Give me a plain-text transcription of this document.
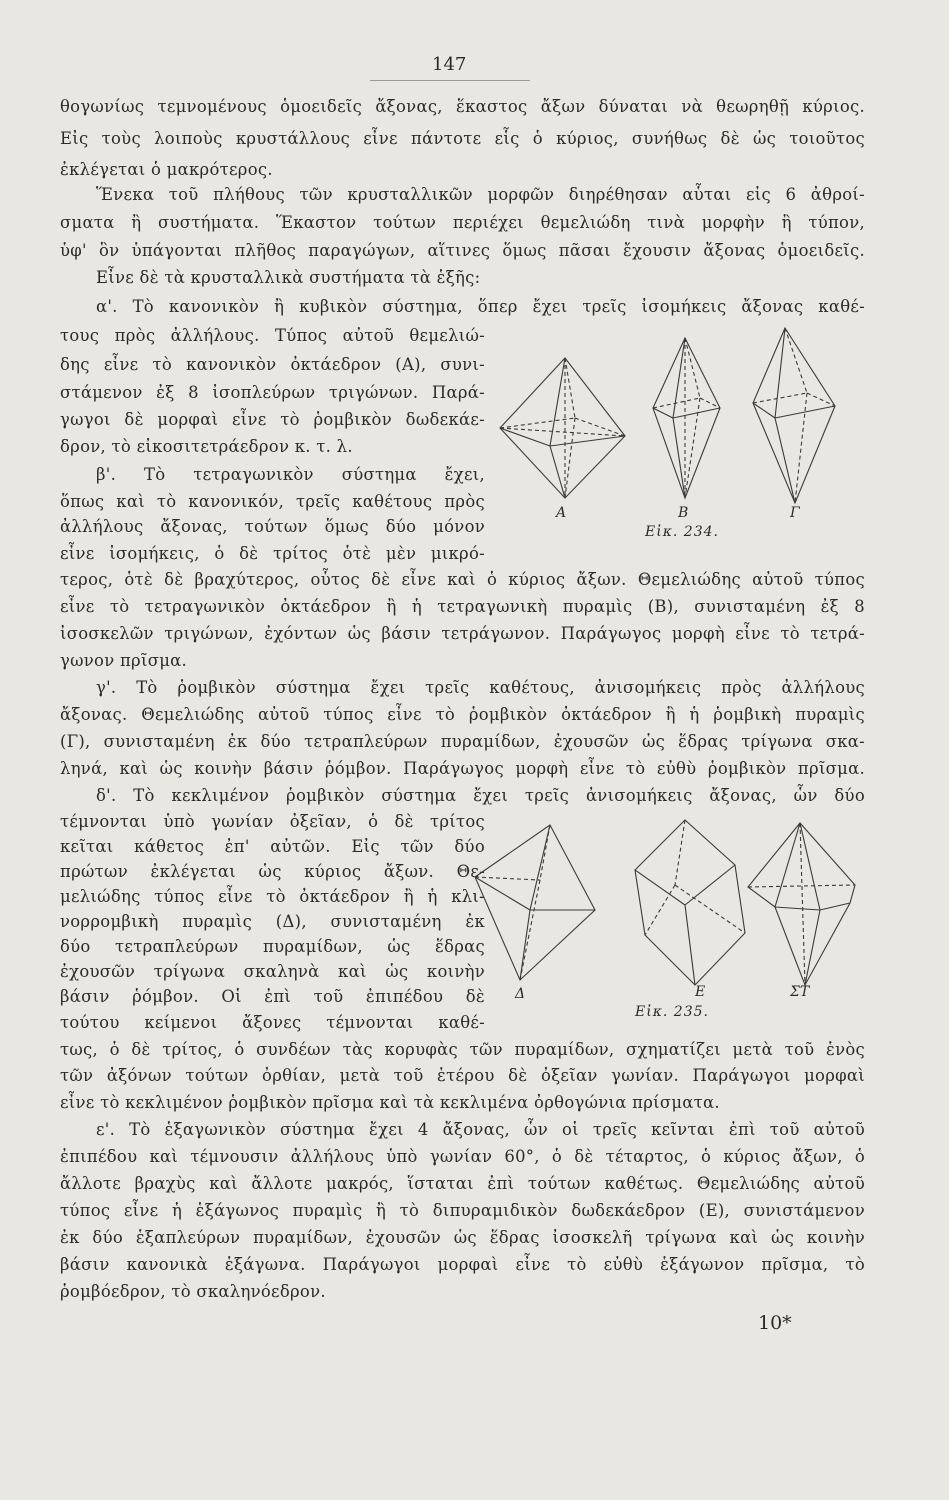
147
θογωνίως τεμνομένους ὁμοειδεῖς ἄξονας, ἕκαστος ἄξων δύναται νὰ θεωρηθῇ κύριος.
Εἰς τοὺς λοιποὺς κρυστάλλους εἶνε πάντοτε εἷς ὁ κύριος, συνήθως δὲ ὡς τοιοῦτος
ἐκλέγεται ὁ μακρότερος.
Ἕνεκα τοῦ πλήθους τῶν κρυσταλλικῶν μορφῶν διηρέθησαν αὗται εἰς 6 ἀθροί-
σματα ἢ συστήματα. Ἕκαστον τούτων περιέχει θεμελιώδη τινὰ μορφὴν ἢ τύπον,
ὑφ' ὃν ὑπάγονται πλῆθος παραγώγων, αἵτινες ὅμως πᾶσαι ἔχουσιν ἄξονας ὁμοειδεῖς.
Εἶνε δὲ τὰ κρυσταλλικὰ συστήματα τὰ ἑξῆς:
α'. Τὸ κανονικὸν ἢ κυβικὸν σύστημα, ὅπερ ἔχει τρεῖς ἰσομήκεις ἄξονας καθέ-
τους πρὸς ἀλλήλους. Τύπος αὐτοῦ θεμελιώ-
δης εἶνε τὸ κανονικὸν ὀκτάεδρον (Α), συνι-
στάμενον ἐξ 8 ἰσοπλεύρων τριγώνων. Παρά-
γωγοι δὲ μορφαὶ εἶνε τὸ ῥομβικὸν δωδεκάε-
δρον, τὸ εἰκοσιτετράεδρον κ. τ. λ.
β'. Τὸ τετραγωνικὸν σύστημα ἔχει,
ὅπως καὶ τὸ κανονικόν, τρεῖς καθέτους πρὸς
ἀλλήλους ἄξονας, τούτων ὅμως δύο μόνον
εἶνε ἰσομήκεις, ὁ δὲ τρίτος ὁτὲ μὲν μικρό-
τερος, ὁτὲ δὲ βραχύτερος, οὗτος δὲ εἶνε καὶ ὁ κύριος ἄξων. Θεμελιώδης αὐτοῦ τύπος
εἶνε τὸ τετραγωνικὸν ὀκτάεδρον ἢ ἡ τετραγωνικὴ πυραμὶς (Β), συνισταμένη ἐξ 8
ἰσοσκελῶν τριγώνων, ἐχόντων ὡς βάσιν τετράγωνον. Παράγωγος μορφὴ εἶνε τὸ τετρά-
γωνον πρῖσμα.
γ'. Τὸ ῥομβικὸν σύστημα ἔχει τρεῖς καθέτους, ἀνισομήκεις πρὸς ἀλλήλους
ἄξονας. Θεμελιώδης αὐτοῦ τύπος εἶνε τὸ ῥομβικὸν ὀκτάεδρον ἢ ἡ ῥομβικὴ πυραμὶς
(Γ), συνισταμένη ἐκ δύο τετραπλεύρων πυραμίδων, ἐχουσῶν ὡς ἕδρας τρίγωνα σκα-
ληνά, καὶ ὡς κοινὴν βάσιν ῥόμβον. Παράγωγος μορφὴ εἶνε τὸ εὐθὺ ῥομβικὸν πρῖσμα.
δ'. Τὸ κεκλιμένον ῥομβικὸν σύστημα ἔχει τρεῖς ἀνισομήκεις ἄξονας, ὧν δύο
τέμνονται ὑπὸ γωνίαν ὀξεῖαν, ὁ δὲ τρίτος
κεῖται κάθετος ἐπ' αὐτῶν. Εἰς τῶν δύο
πρώτων ἐκλέγεται ὡς κύριος ἄξων. Θε-
μελιώδης τύπος εἶνε τὸ ὀκτάεδρον ἢ ἡ κλι-
νορρομβικὴ πυραμὶς (Δ), συνισταμένη ἐκ
δύο τετραπλεύρων πυραμίδων, ὡς ἕδρας
ἐχουσῶν τρίγωνα σκαληνὰ καὶ ὡς κοινὴν
βάσιν ῥόμβον. Οἱ ἐπὶ τοῦ ἐπιπέδου δὲ
τούτου κείμενοι ἄξονες τέμνονται καθέ-
τως, ὁ δὲ τρίτος, ὁ συνδέων τὰς κορυφὰς τῶν πυραμίδων, σχηματίζει μετὰ τοῦ ἑνὸς
τῶν ἀξόνων τούτων ὀρθίαν, μετὰ τοῦ ἑτέρου δὲ ὀξεῖαν γωνίαν. Παράγωγοι μορφαὶ
εἶνε τὸ κεκλιμένον ῥομβικὸν πρῖσμα καὶ τὰ κεκλιμένα ὀρθογώνια πρίσματα.
ε'. Τὸ ἑξαγωνικὸν σύστημα ἔχει 4 ἄξονας, ὧν οἱ τρεῖς κεῖνται ἐπὶ τοῦ αὐτοῦ
ἐπιπέδου καὶ τέμνουσιν ἀλλήλους ὑπὸ γωνίαν 60°, ὁ δὲ τέταρτος, ὁ κύριος ἄξων, ὁ
ἄλλοτε βραχὺς καὶ ἄλλοτε μακρός, ἵσταται ἐπὶ τούτων καθέτως. Θεμελιώδης αὐτοῦ
τύπος εἶνε ἡ ἑξάγωνος πυραμὶς ἢ τὸ διπυραμιδικὸν δωδεκάεδρον (Ε), συνιστάμενον
ἐκ δύο ἑξαπλεύρων πυραμίδων, ἐχουσῶν ὡς ἕδρας ἰσοσκελῆ τρίγωνα καὶ ὡς κοινὴν
βάσιν κανονικὰ ἑξάγωνα. Παράγωγοι μορφαὶ εἶνε τὸ εὐθὺ ἑξάγωνον πρῖσμα, τὸ
ῥομβόεδρον, τὸ σκαληνόεδρον.
Α	Β	Γ
Εἰκ. 234.
Δ	Ε	ΣΤ
Εἰκ. 235.
10*
